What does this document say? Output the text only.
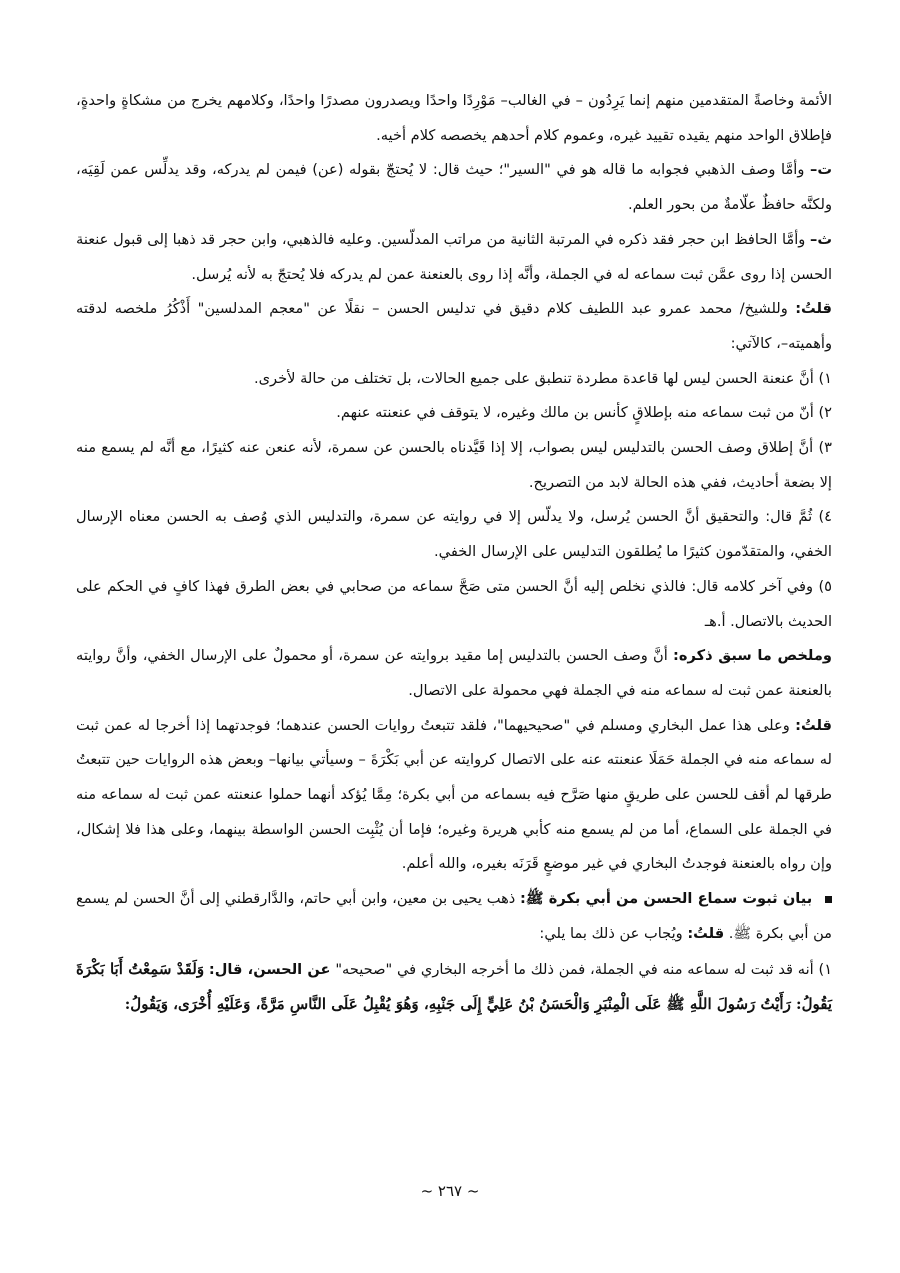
الأئمة وخاصةً المتقدمين منهم إنما يَرِدُون – في الغالب– مَوْرِدًا واحدًا ويصدرون مصدرًا واحدًا، وكلامهم يخرج من مشكاةٍ واحدةٍ، فإطلاق الواحد منهم يقيده تقييد غيره، وعموم كلام أحدهم يخصصه كلام أخيه.

ت– وأمَّا وصف الذهبي فجوابه ما قاله هو في "السير"؛ حيث قال: لا يُحتجّ بقوله (عن) فيمن لم يدركه، وقد يدلِّس عمن لَقِيَه، ولكنَّه حافظٌ علّامةٌ من بحور العلم.

ث– وأمَّا الحافظ ابن حجر فقد ذكره في المرتبة الثانية من مراتب المدلّسين. وعليه فالذهبي، وابن حجر قد ذهبا إلى قبول عنعنة الحسن إذا روى عمَّن ثبت سماعه له في الجملة، وأنَّه إذا روى بالعنعنة عمن لم يدركه فلا يُحتجّ به لأنه يُرسل.

قلتُ: وللشيخ/ محمد عمرو عبد اللطيف كلام دقيق في تدليس الحسن – نقلًا عن "معجم المدلسين" أَذْكُرُ ملخصه لدقته وأهميته–، كالآتي:

١) أنَّ عنعنة الحسن ليس لها قاعدة مطردة تنطبق على جميع الحالات، بل تختلف من حالة لأخرى.

٢) أنّ من ثبت سماعه منه بإطلاقٍ كأنس بن مالك وغيره، لا يتوقف في عنعنته عنهم.

٣) أنَّ إطلاق وصف الحسن بالتدليس ليس بصواب، إلا إذا قَيَّدناه بالحسن عن سمرة، لأنه عنعن عنه كثيرًا، مع أنَّه لم يسمع منه إلا بضعة أحاديث، ففي هذه الحالة لابد من التصريح.

٤) ثُمَّ قال: والتحقيق أنَّ الحسن يُرسل، ولا يدلّس إلا في روايته عن سمرة، والتدليس الذي وُصف به الحسن معناه الإرسال الخفي، والمتقدّمون كثيرًا ما يُطلقون التدليس على الإرسال الخفي.

٥) وفي آخر كلامه قال: فالذي نخلص إليه أنَّ الحسن متى صَحَّ سماعه من صحابي في بعض الطرق فهذا كافٍ في الحكم على الحديث بالاتصال. أ.هـ

وملخص ما سبق ذكره: أنَّ وصف الحسن بالتدليس إما مقيد بروايته عن سمرة، أو محمولٌ على الإرسال الخفي، وأنَّ روايته بالعنعنة عمن ثبت له سماعه منه في الجملة فهي محمولة على الاتصال.

قلتُ: وعلى هذا عمل البخاري ومسلم في "صحيحيهما"، فلقد تتبعتُ روايات الحسن عندهما؛ فوجدتهما إذا أخرجا له عمن ثبت له سماعه منه في الجملة حَمَلَا عنعنته عنه على الاتصال كروايته عن أبي بَكْرَةَ – وسيأتي بيانها– وبعض هذه الروايات حين تتبعتُ طرقها لم أقف للحسن على طريقٍ منها صَرَّح فيه بسماعه من أبي بكرة؛ مِمَّا يُؤكد أنهما حملوا عنعنته عمن ثبت له سماعه منه في الجملة على السماع، أما من لم يسمع منه كأبي هريرة وغيره؛ فإما أن يُثْبِت الحسن الواسطة بينهما، وعلى هذا فلا إشكال، وإن رواه بالعنعنة فوجدتُ البخاري في غير موضعٍ قَرَنَه بغيره، والله أعلم.

بيان ثبوت سماع الحسن من أبي بكرة ﷺ: ذهب يحيى بن معين، وابن أبي حاتم، والدَّارقطني إلى أنَّ الحسن لم يسمع من أبي بكرة ﷺ. قلتُ: ويُجاب عن ذلك بما يلي:

١) أنه قد ثبت له سماعه منه في الجملة، فمن ذلك ما أخرجه البخاري في "صحيحه" عن الحسن، قال: وَلَقَدْ سَمِعْتُ أَبَا بَكْرَةَ يَقُولُ: رَأَيْتُ رَسُولَ اللَّهِ ﷺ عَلَى الْمِنْبَرِ وَالْحَسَنُ بْنُ عَلِيٍّ إِلَى جَنْبِهِ، وَهُوَ يُقْبِلُ عَلَى النَّاسِ مَرَّةً، وَعَلَيْهِ أُخْرَى، وَيَقُولُ:

~ ٢٦٧ ~
